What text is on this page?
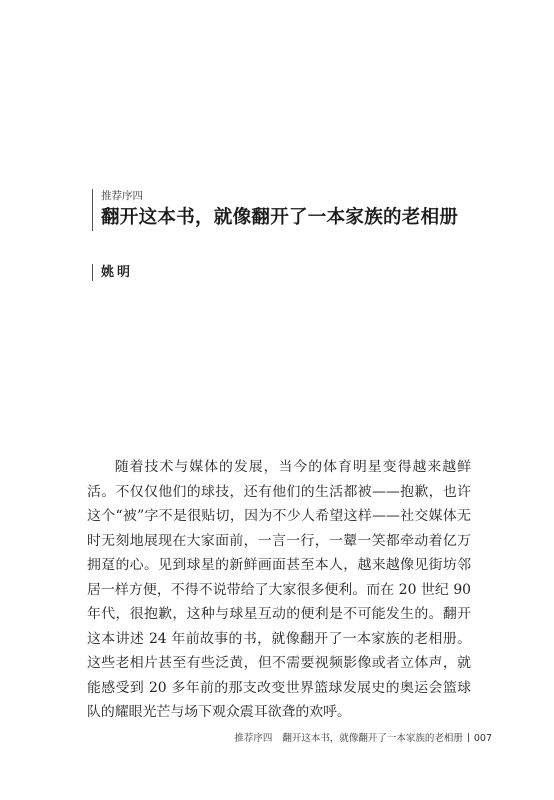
推荐序四
翻开这本书，就像翻开了一本家族的老相册
姚明

随着技术与媒体的发展，当今的体育明星变得越来越鲜活。不仅仅他们的球技，还有他们的生活都被——抱歉，也许这个“被”字不是很贴切，因为不少人希望这样——社交媒体无时无刻地展现在大家面前，一言一行，一颦一笑都牵动着亿万拥趸的心。见到球星的新鲜画面甚至本人，越来越像见街坊邻居一样方便，不得不说带给了大家很多便利。而在 20 世纪 90 年代，很抱歉，这种与球星互动的便利是不可能发生的。翻开这本讲述 24 年前故事的书，就像翻开了一本家族的老相册。这些老相片甚至有些泛黄，但不需要视频影像或者立体声，就能感受到 20 多年前的那支改变世界篮球发展史的奥运会篮球队的耀眼光芒与场下观众震耳欲聋的欢呼。

推荐序四 翻开这本书，就像翻开了一本家族的老相册 007
